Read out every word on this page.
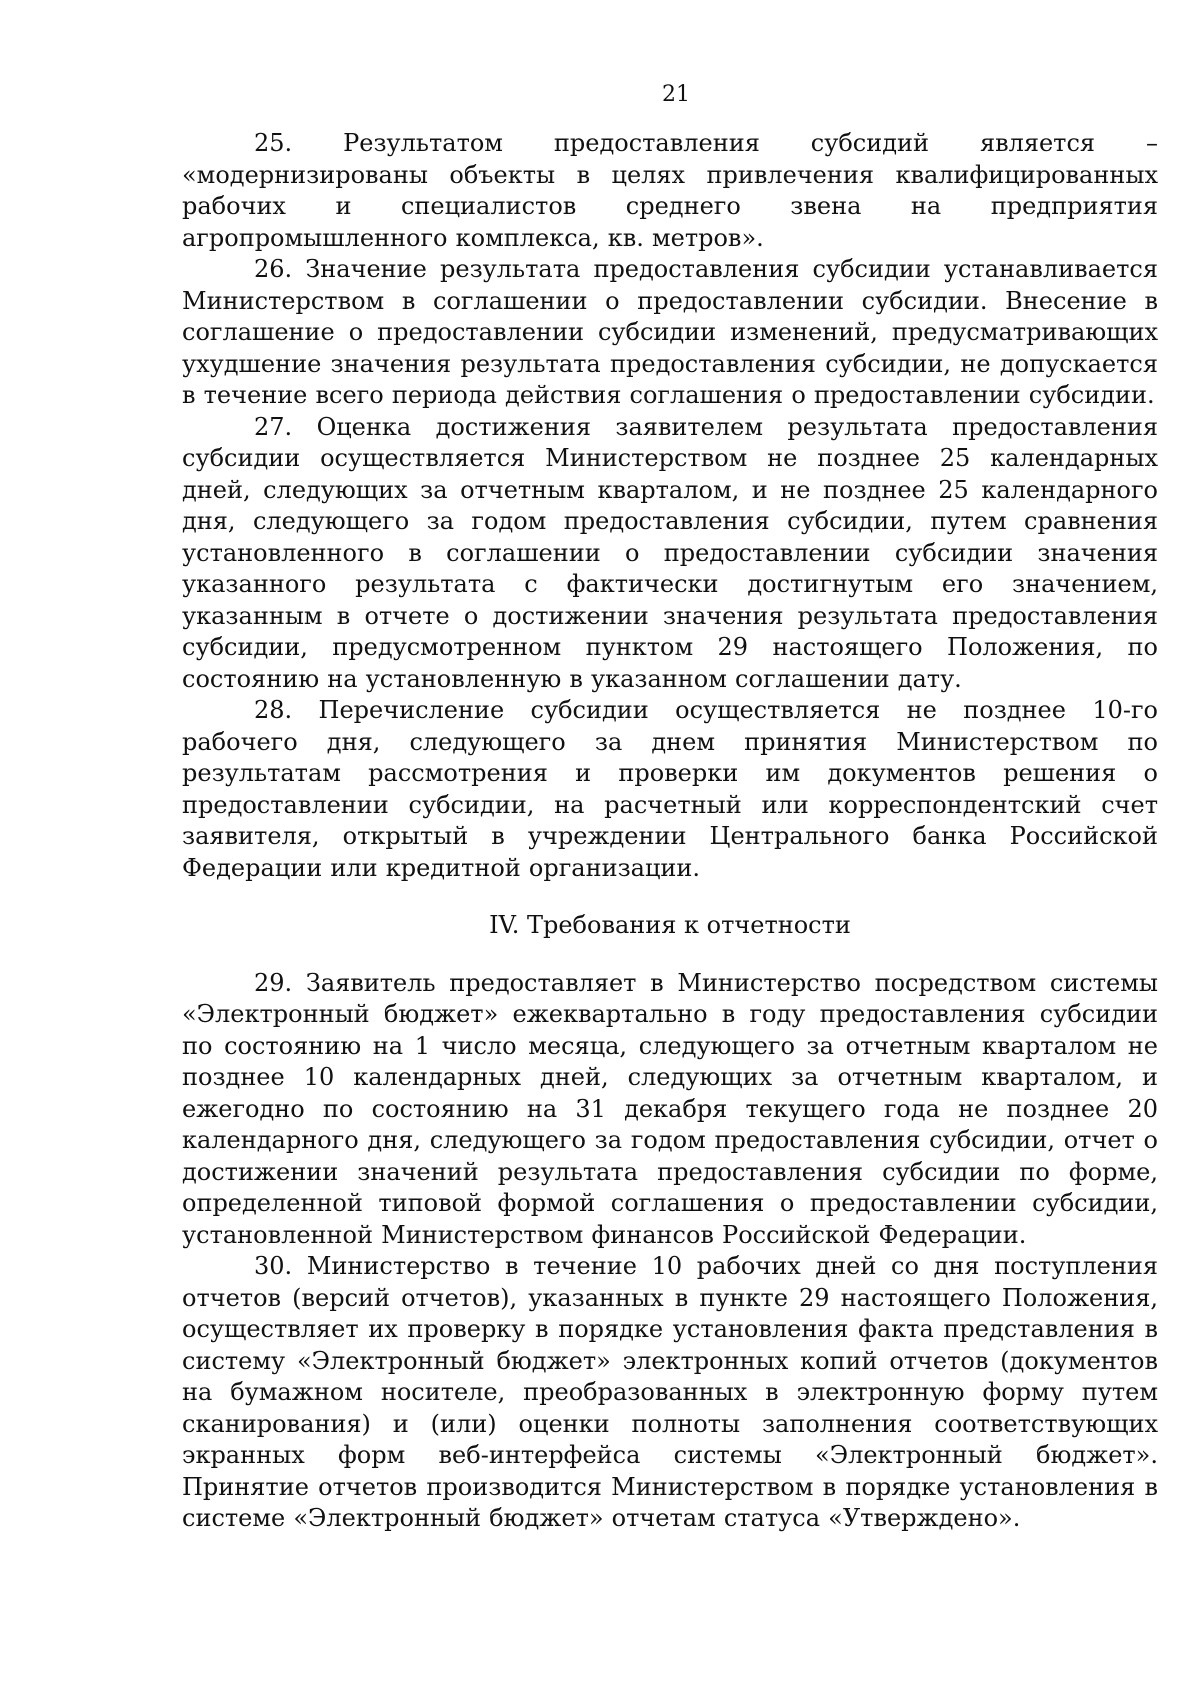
21

25. Результатом предоставления субсидий является – «модернизированы объекты в целях привлечения квалифицированных рабочих и специалистов среднего звена на предприятия агропромышленного комплекса, кв. метров».

26. Значение результата предоставления субсидии устанавливается Министерством в соглашении о предоставлении субсидии. Внесение в соглашение о предоставлении субсидии изменений, предусматривающих ухудшение значения результата предоставления субсидии, не допускается в течение всего периода действия соглашения о предоставлении субсидии.

27. Оценка достижения заявителем результата предоставления субсидии осуществляется Министерством не позднее 25 календарных дней, следующих за отчетным кварталом, и не позднее 25 календарного дня, следующего за годом предоставления субсидии, путем сравнения установленного в соглашении о предоставлении субсидии значения указанного результата с фактически достигнутым его значением, указанным в отчете о достижении значения результата предоставления субсидии, предусмотренном пунктом 29 настоящего Положения, по состоянию на установленную в указанном соглашении дату.

28. Перечисление субсидии осуществляется не позднее 10-го рабочего дня, следующего за днем принятия Министерством по результатам рассмотрения и проверки им документов решения о предоставлении субсидии, на расчетный или корреспондентский счет заявителя, открытый в учреждении Центрального банка Российской Федерации или кредитной организации.

IV. Требования к отчетности

29. Заявитель предоставляет в Министерство посредством системы «Электронный бюджет» ежеквартально в году предоставления субсидии по состоянию на 1 число месяца, следующего за отчетным кварталом не позднее 10 календарных дней, следующих за отчетным кварталом, и ежегодно по состоянию на 31 декабря текущего года не позднее 20 календарного дня, следующего за годом предоставления субсидии, отчет о достижении значений результата предоставления субсидии по форме, определенной типовой формой соглашения о предоставлении субсидии, установленной Министерством финансов Российской Федерации.

30. Министерство в течение 10 рабочих дней со дня поступления отчетов (версий отчетов), указанных в пункте 29 настоящего Положения, осуществляет их проверку в порядке установления факта представления в систему «Электронный бюджет» электронных копий отчетов (документов на бумажном носителе, преобразованных в электронную форму путем сканирования) и (или) оценки полноты заполнения соответствующих экранных форм веб-интерфейса системы «Электронный бюджет». Принятие отчетов производится Министерством в порядке установления в системе «Электронный бюджет» отчетам статуса «Утверждено».
